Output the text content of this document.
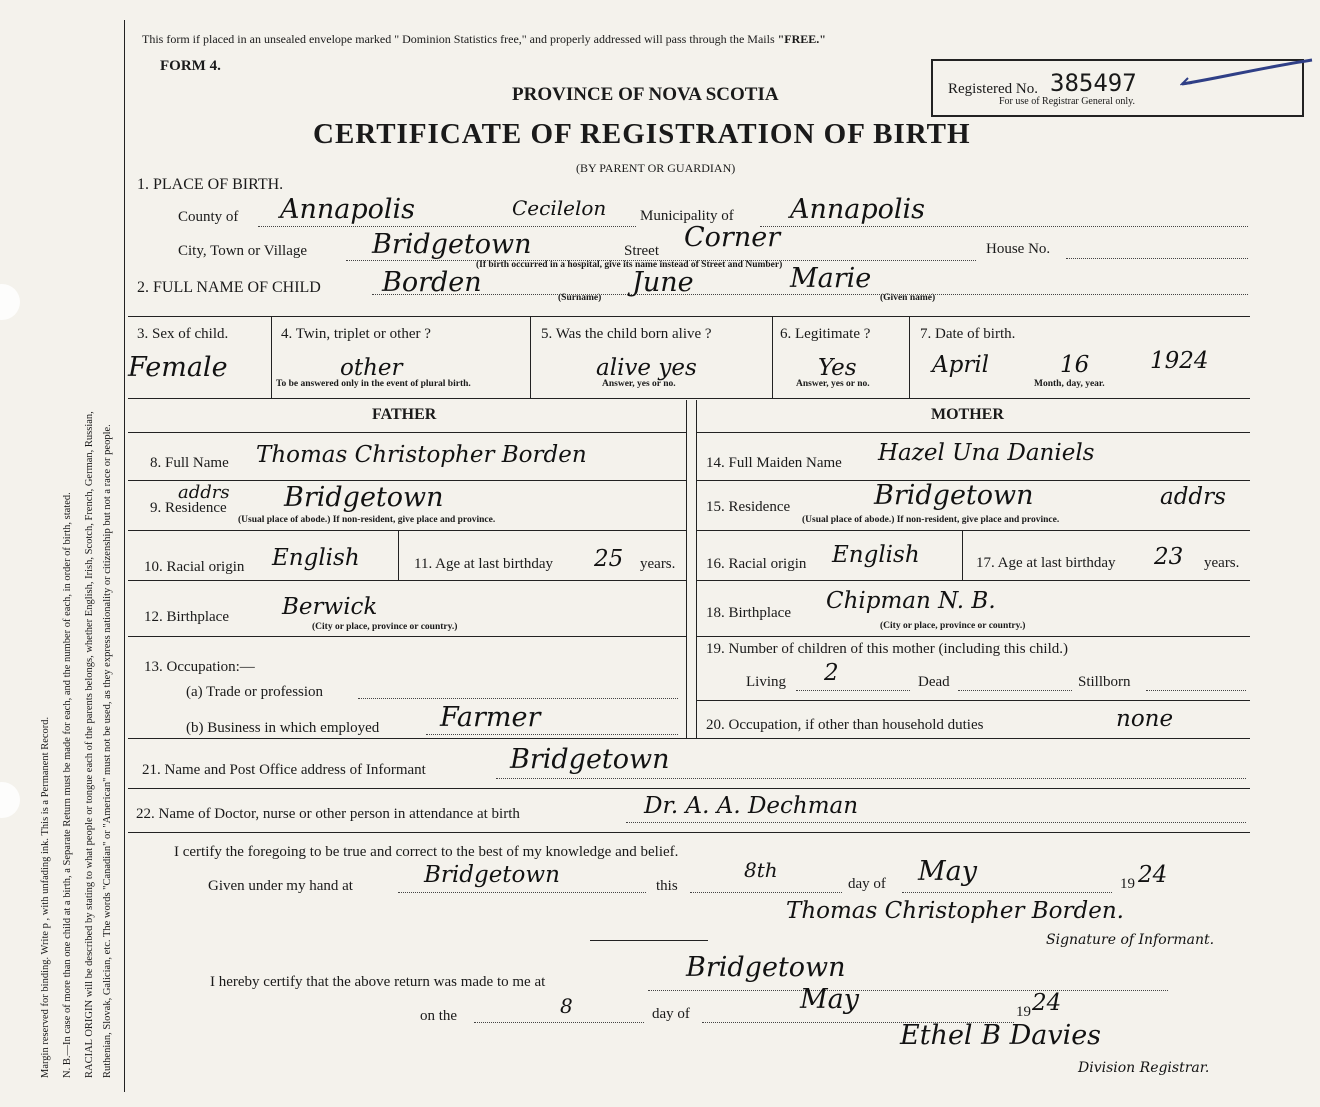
Margin reserved for binding. Write p , with unfading ink. This is a Permanent Record. N. B.—In case of more than one child at a birth, a Separate Return must be made for each, and the number of each, in order of birth, stated. RACIAL ORIGIN will be described by stating to what people or tongue each of the parents belongs, whether English, Irish, Scotch, French, German, Russian, Ruthenian, Slovak, Galician, etc. The words "Canadian" or "American" must not be used, as they express nationality or citizenship but not a race or people.
This form if placed in an unsealed envelope marked " Dominion Statistics free," and properly addressed will pass through the Mails "FREE."
FORM 4.
PROVINCE OF NOVA SCOTIA
CERTIFICATE OF REGISTRATION OF BIRTH
(BY PARENT OR GUARDIAN)
Registered No. 385497
For use of Registrar General only.
1. PLACE OF BIRTH.
County of Annapolis	Cecilelon Municipality of Annapolis
City, Town or Village Bridgetown	Street Corner	House No.
(If birth occurred in a hospital, give its name instead of Street and Number)
2. FULL NAME OF CHILD Borden	(Surname) June	Marie
(Given name)
3. Sex of child.
Female
4. Twin, triplet or other ?
other
To be answered only in the event of plural birth.
5. Was the child born alive ?
alive yes
Answer, yes or no.
6. Legitimate ?
Yes
Answer, yes or no.
7. Date of birth.
April	16	1924
Month, day, year.
FATHER	MOTHER
8. Full Name Thomas Christopher Borden
addrs
9. Residence Bridgetown
(Usual place of abode.) If non-resident, give place and province.
10. Racial origin English	11. Age at last birthday 25 years.
12. Birthplace Berwick
(City or place, province or country.)
13. Occupation:—
(a) Trade or profession
(b) Business in which employed Farmer
14. Full Maiden Name Hazel Una Daniels
15. Residence	Bridgetown	addrs
(Usual place of abode.) If non-resident, give place and province.
16. Racial origin English	17. Age at last birthday 23 years.
18. Birthplace Chipman N. B.
(City or place, province or country.)
19. Number of children of this mother (including this child.)
Living 2	Dead	Stillborn
20. Occupation, if other than household duties	none
21. Name and Post Office address of Informant	Bridgetown
22. Name of Doctor, nurse or other person in attendance at birth	Dr. A. A. Dechman
I certify the foregoing to be true and correct to the best of my knowledge and belief.
Given under my hand at	Bridgetown	this
8th
day of May	19 24
Thomas Christopher Borden.
Signature of Informant.
I hereby certify that the above return was made to me at	Bridgetown
on the	8	day of	May	19 24
Ethel B Davies
Division Registrar.
